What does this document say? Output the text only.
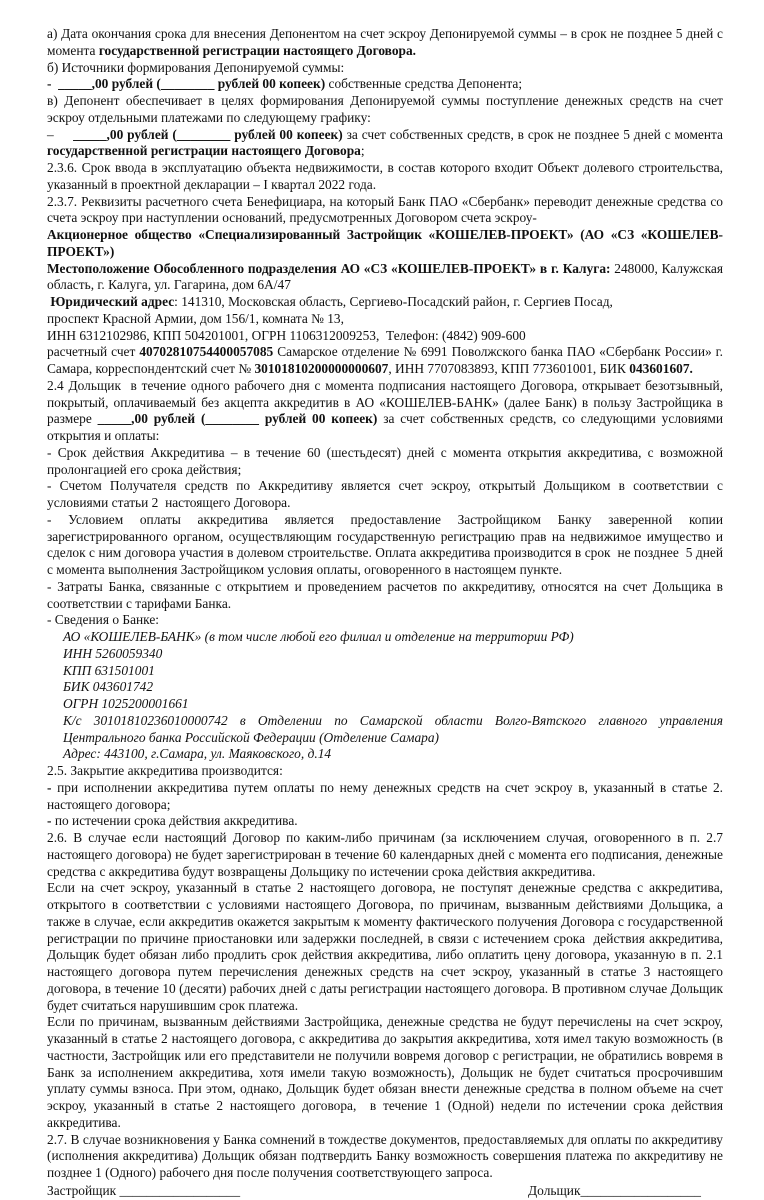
а) Дата окончания срока для внесения Депонентом на счет эскроу Депонируемой суммы – в срок не позднее 5 дней с момента государственной регистрации настоящего Договора.

б) Источники формирования Депонируемой суммы:

-  _____,00 рублей (________ рублей 00 копеек) собственные средства Депонента;

в) Депонент обеспечивает в целях формирования Депонируемой суммы поступление денежных средств на счет эскроу отдельными платежами по следующему графику:

–     _____,00 рублей (________ рублей 00 копеек) за счет собственных средств, в срок не позднее 5 дней с момента государственной регистрации настоящего Договора;

2.3.6. Срок ввода в эксплуатацию объекта недвижимости, в состав которого входит Объект долевого строительства, указанный в проектной декларации – I квартал 2022 года.

2.3.7. Реквизиты расчетного счета Бенефициара, на который Банк ПАО «Сбербанк» переводит денежные средства со счета эскроу при наступлении оснований, предусмотренных Договором счета эскроу-

Акционерное общество «Специализированный Застройщик «КОШЕЛЕВ-ПРОЕКТ» (АО «СЗ «КОШЕЛЕВ-ПРОЕКТ»)

Местоположение Обособленного подразделения АО «СЗ «КОШЕЛЕВ-ПРОЕКТ» в г. Калуга: 248000, Калужская область, г. Калуга, ул. Гагарина, дом 6А/47

Юридический адрес: 141310, Московская область, Сергиево-Посадский район, г. Сергиев Посад,

проспект Красной Армии, дом 156/1, комната № 13,

ИНН 6312102986, КПП 504201001, ОГРН 1106312009253,  Телефон: (4842) 909-600

расчетный счет 40702810754400057085 Самарское отделение № 6991 Поволжского банка ПАО «Сбербанк России» г. Самара, корреспондентский счет № 30101810200000000607, ИНН 7707083893, КПП 773601001, БИК 043601607.

2.4 Дольщик  в течение одного рабочего дня с момента подписания настоящего Договора, открывает безотзывный, покрытый, оплачиваемый без акцепта аккредитив в АО «КОШЕЛЕВ-БАНК» (далее Банк) в пользу Застройщика в размере _____,00 рублей (________ рублей 00 копеек) за счет собственных средств, со следующими условиями открытия и оплаты:

- Срок действия Аккредитива – в течение 60 (шестьдесят) дней с момента открытия аккредитива, с возможной пролонгацией его срока действия;

- Счетом Получателя средств по Аккредитиву является счет эскроу, открытый Дольщиком в соответствии с условиями статьи 2  настоящего Договора.

- Условием оплаты аккредитива является предоставление Застройщиком Банку заверенной копии зарегистрированного органом, осуществляющим государственную регистрацию прав на недвижимое имущество и сделок с ним договора участия в долевом строительстве. Оплата аккредитива производится в срок  не позднее  5 дней с момента выполнения Застройщиком условия оплаты, оговоренного в настоящем пункте.

- Затраты Банка, связанные с открытием и проведением расчетов по аккредитиву, относятся на счет Дольщика в соответствии с тарифами Банка.

- Сведения о Банке:

АО «КОШЕЛЕВ-БАНК» (в том числе любой его филиал и отделение на территории РФ)

ИНН 5260059340

КПП 631501001

БИК 043601742

ОГРН 1025200001661

К/с 30101810236010000742 в Отделении по Самарской области Волго-Вятского главного управления Центрального банка Российской Федерации (Отделение Самара)

Адрес: 443100, г.Самара, ул. Маяковского, д.14

2.5. Закрытие аккредитива производится:

- при исполнении аккредитива путем оплаты по нему денежных средств на счет эскроу в, указанный в статье 2. настоящего договора;

- по истечении срока действия аккредитива.

2.6. В случае если настоящий Договор по каким-либо причинам (за исключением случая, оговоренного в п. 2.7 настоящего договора) не будет зарегистрирован в течение 60 календарных дней с момента его подписания, денежные средства с аккредитива будут возвращены Дольщику по истечении срока действия аккредитива.

Если на счет эскроу, указанный в статье 2 настоящего договора, не поступят денежные средства с аккредитива, открытого в соответствии с условиями настоящего Договора, по причинам, вызванным действиями Дольщика, а также в случае, если аккредитив окажется закрытым к моменту фактического получения Договора с государственной регистрации по причине приостановки или задержки последней, в связи с истечением срока  действия аккредитива, Дольщик будет обязан либо продлить срок действия аккредитива, либо оплатить цену договора, указанную в п. 2.1 настоящего договора путем перечисления денежных средств на счет эскроу, указанный в статье 3 настоящего договора, в течение 10 (десяти) рабочих дней с даты регистрации настоящего договора. В противном случае Дольщик будет считаться нарушившим срок платежа.

Если по причинам, вызванным действиями Застройщика, денежные средства не будут перечислены на счет эскроу, указанный в статье 2 настоящего договора, с аккредитива до закрытия аккредитива, хотя имел такую возможность (в частности, Застройщик или его представители не получили вовремя договор с регистрации, не обратились вовремя в Банк за исполнением аккредитива, хотя имели такую возможность), Дольщик не будет считаться просрочившим уплату суммы взноса. При этом, однако, Дольщик будет обязан внести денежные средства в полном объеме на счет эскроу, указанный в статье 2 настоящего договора,  в течение 1 (Одной) недели по истечении срока действия аккредитива.

2.7. В случае возникновения у Банка сомнений в тождестве документов, предоставляемых для оплаты по аккредитиву (исполнения аккредитива) Дольщик обязан подтвердить Банку возможность совершения платежа по аккредитиву не позднее 1 (Одного) рабочего дня после получения соответствующего запроса.

Застройщик __________________	Дольщик__________________
